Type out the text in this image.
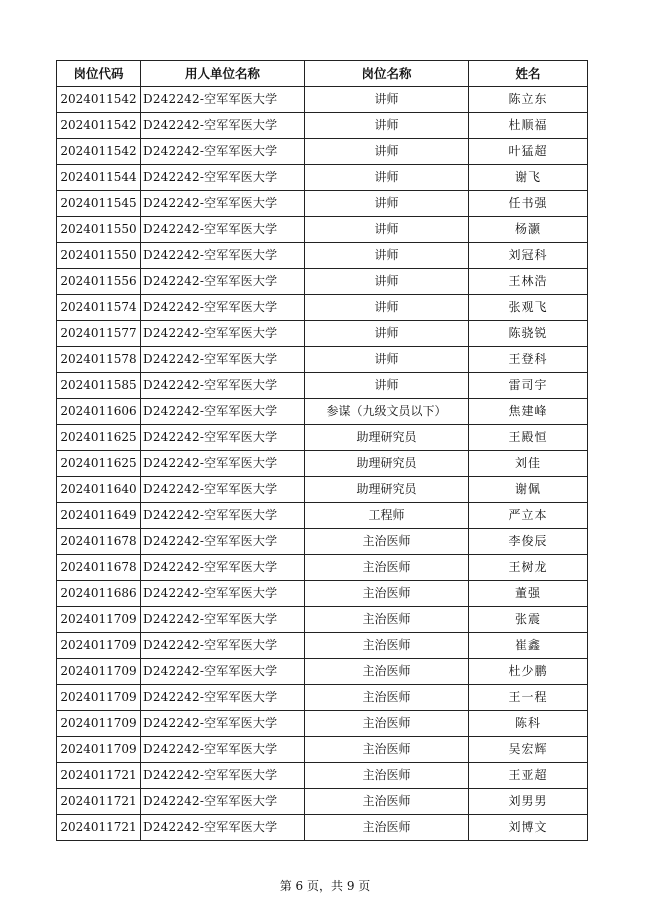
岗位代码	用人单位名称	岗位名称	姓名
2024011542	D242242-空军军医大学	讲师	陈立东
2024011542	D242242-空军军医大学	讲师	杜顺福
2024011542	D242242-空军军医大学	讲师	叶猛超
2024011544	D242242-空军军医大学	讲师	谢飞
2024011545	D242242-空军军医大学	讲师	任书强
2024011550	D242242-空军军医大学	讲师	杨灏
2024011550	D242242-空军军医大学	讲师	刘冠科
2024011556	D242242-空军军医大学	讲师	王林浩
2024011574	D242242-空军军医大学	讲师	张观飞
2024011577	D242242-空军军医大学	讲师	陈骁锐
2024011578	D242242-空军军医大学	讲师	王登科
2024011585	D242242-空军军医大学	讲师	雷司宇
2024011606	D242242-空军军医大学	参谋（九级文员以下）	焦建峰
2024011625	D242242-空军军医大学	助理研究员	王殿恒
2024011625	D242242-空军军医大学	助理研究员	刘佳
2024011640	D242242-空军军医大学	助理研究员	谢佩
2024011649	D242242-空军军医大学	工程师	严立本
2024011678	D242242-空军军医大学	主治医师	李俊辰
2024011678	D242242-空军军医大学	主治医师	王树龙
2024011686	D242242-空军军医大学	主治医师	董强
2024011709	D242242-空军军医大学	主治医师	张震
2024011709	D242242-空军军医大学	主治医师	崔鑫
2024011709	D242242-空军军医大学	主治医师	杜少鹏
2024011709	D242242-空军军医大学	主治医师	王一程
2024011709	D242242-空军军医大学	主治医师	陈科
2024011709	D242242-空军军医大学	主治医师	吴宏辉
2024011721	D242242-空军军医大学	主治医师	王亚超
2024011721	D242242-空军军医大学	主治医师	刘男男
2024011721	D242242-空军军医大学	主治医师	刘博文
第 6 页，共 9 页
